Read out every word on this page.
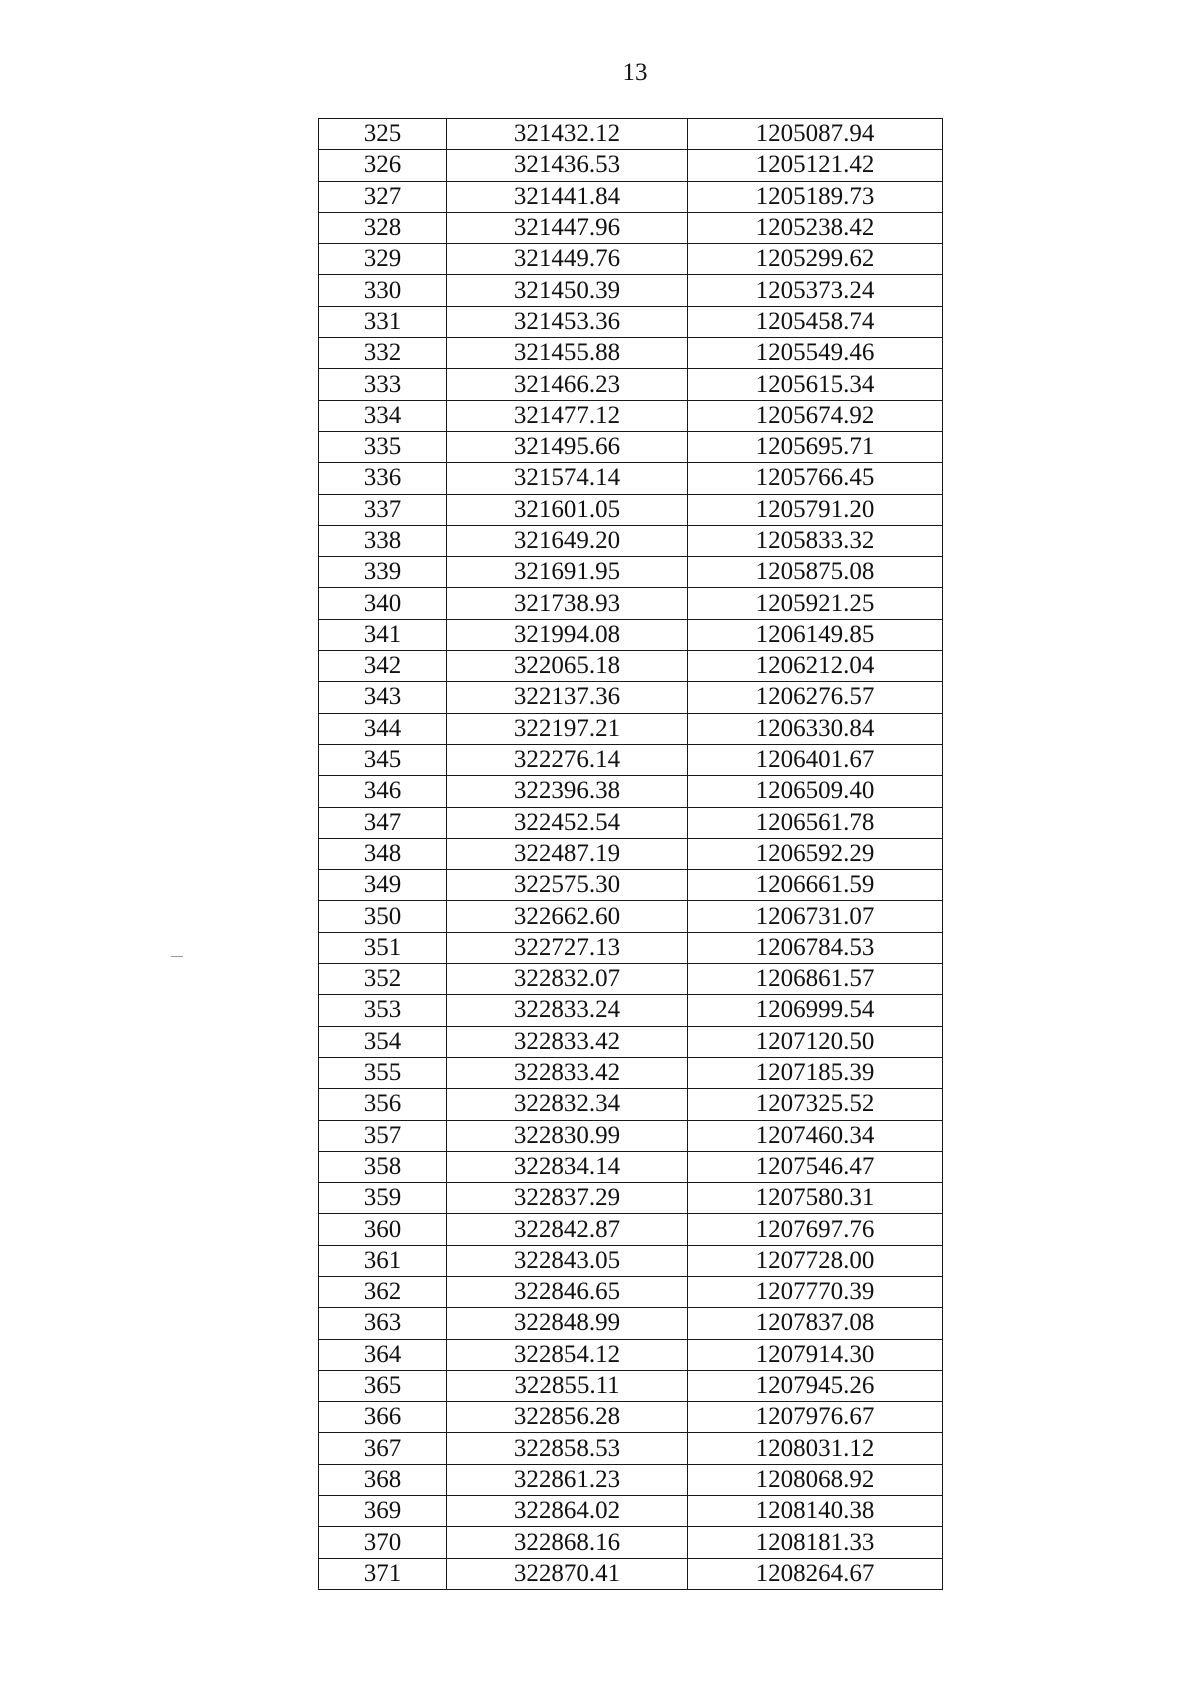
13
325	321432.12	1205087.94
326	321436.53	1205121.42
327	321441.84	1205189.73
328	321447.96	1205238.42
329	321449.76	1205299.62
330	321450.39	1205373.24
331	321453.36	1205458.74
332	321455.88	1205549.46
333	321466.23	1205615.34
334	321477.12	1205674.92
335	321495.66	1205695.71
336	321574.14	1205766.45
337	321601.05	1205791.20
338	321649.20	1205833.32
339	321691.95	1205875.08
340	321738.93	1205921.25
341	321994.08	1206149.85
342	322065.18	1206212.04
343	322137.36	1206276.57
344	322197.21	1206330.84
345	322276.14	1206401.67
346	322396.38	1206509.40
347	322452.54	1206561.78
348	322487.19	1206592.29
349	322575.30	1206661.59
350	322662.60	1206731.07
351	322727.13	1206784.53
352	322832.07	1206861.57
353	322833.24	1206999.54
354	322833.42	1207120.50
355	322833.42	1207185.39
356	322832.34	1207325.52
357	322830.99	1207460.34
358	322834.14	1207546.47
359	322837.29	1207580.31
360	322842.87	1207697.76
361	322843.05	1207728.00
362	322846.65	1207770.39
363	322848.99	1207837.08
364	322854.12	1207914.30
365	322855.11	1207945.26
366	322856.28	1207976.67
367	322858.53	1208031.12
368	322861.23	1208068.92
369	322864.02	1208140.38
370	322868.16	1208181.33
371	322870.41	1208264.67
